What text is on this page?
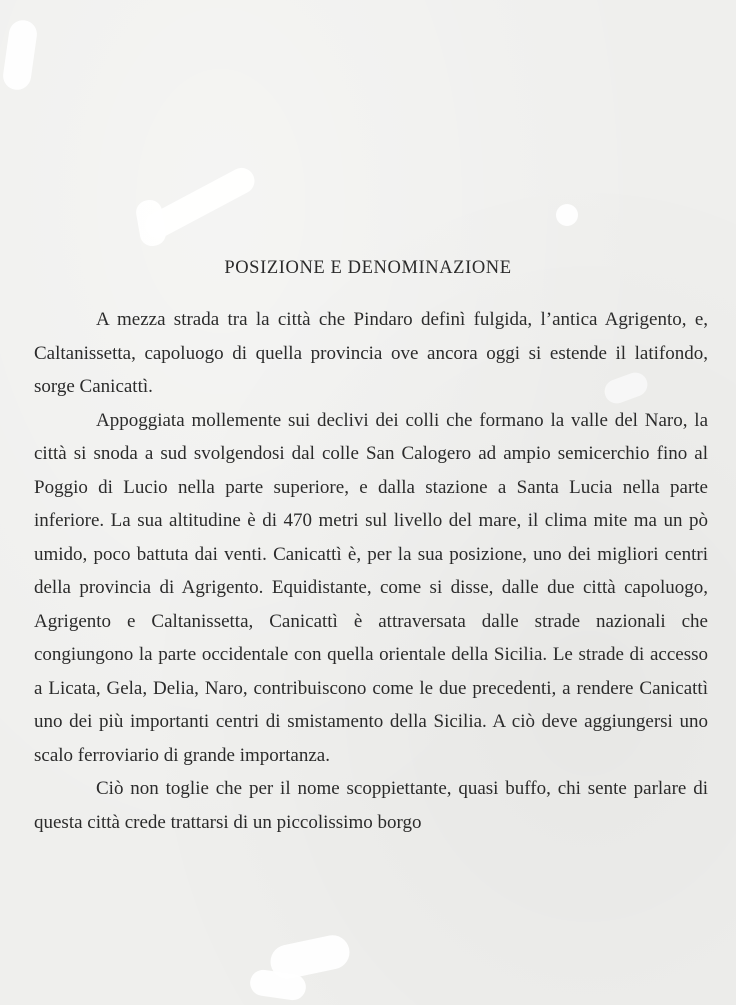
POSIZIONE E DENOMINAZIONE

A mezza strada tra la città che Pindaro definì fulgida, l’antica Agrigento, e, Caltanissetta, capoluogo di quella provincia ove ancora oggi si estende il latifondo, sorge Canicattì.

Appoggiata mollemente sui declivi dei colli che formano la valle del Naro, la città si snoda a sud svolgendosi dal colle San Calogero ad ampio semicerchio fino al Poggio di Lucio nella parte superiore, e dalla stazione a Santa Lucia nella parte inferiore. La sua altitudine è di 470 metri sul livello del mare, il clima mite ma un pò umido, poco battuta dai venti. Canicattì è, per la sua posizione, uno dei migliori centri della provincia di Agrigento. Equidistante, come si disse, dalle due città capoluogo, Agrigento e Caltanissetta, Canicattì è attraversata dalle strade nazionali che congiungono la parte occidentale con quella orientale della Sicilia. Le strade di accesso a Licata, Gela, Delia, Naro, contribuiscono come le due precedenti, a rendere Canicattì uno dei più importanti centri di smistamento della Sicilia. A ciò deve aggiungersi uno scalo ferroviario di grande importanza.

Ciò non toglie che per il nome scoppiettante, quasi buffo, chi sente parlare di questa città crede trattarsi di un piccolissimo borgo
